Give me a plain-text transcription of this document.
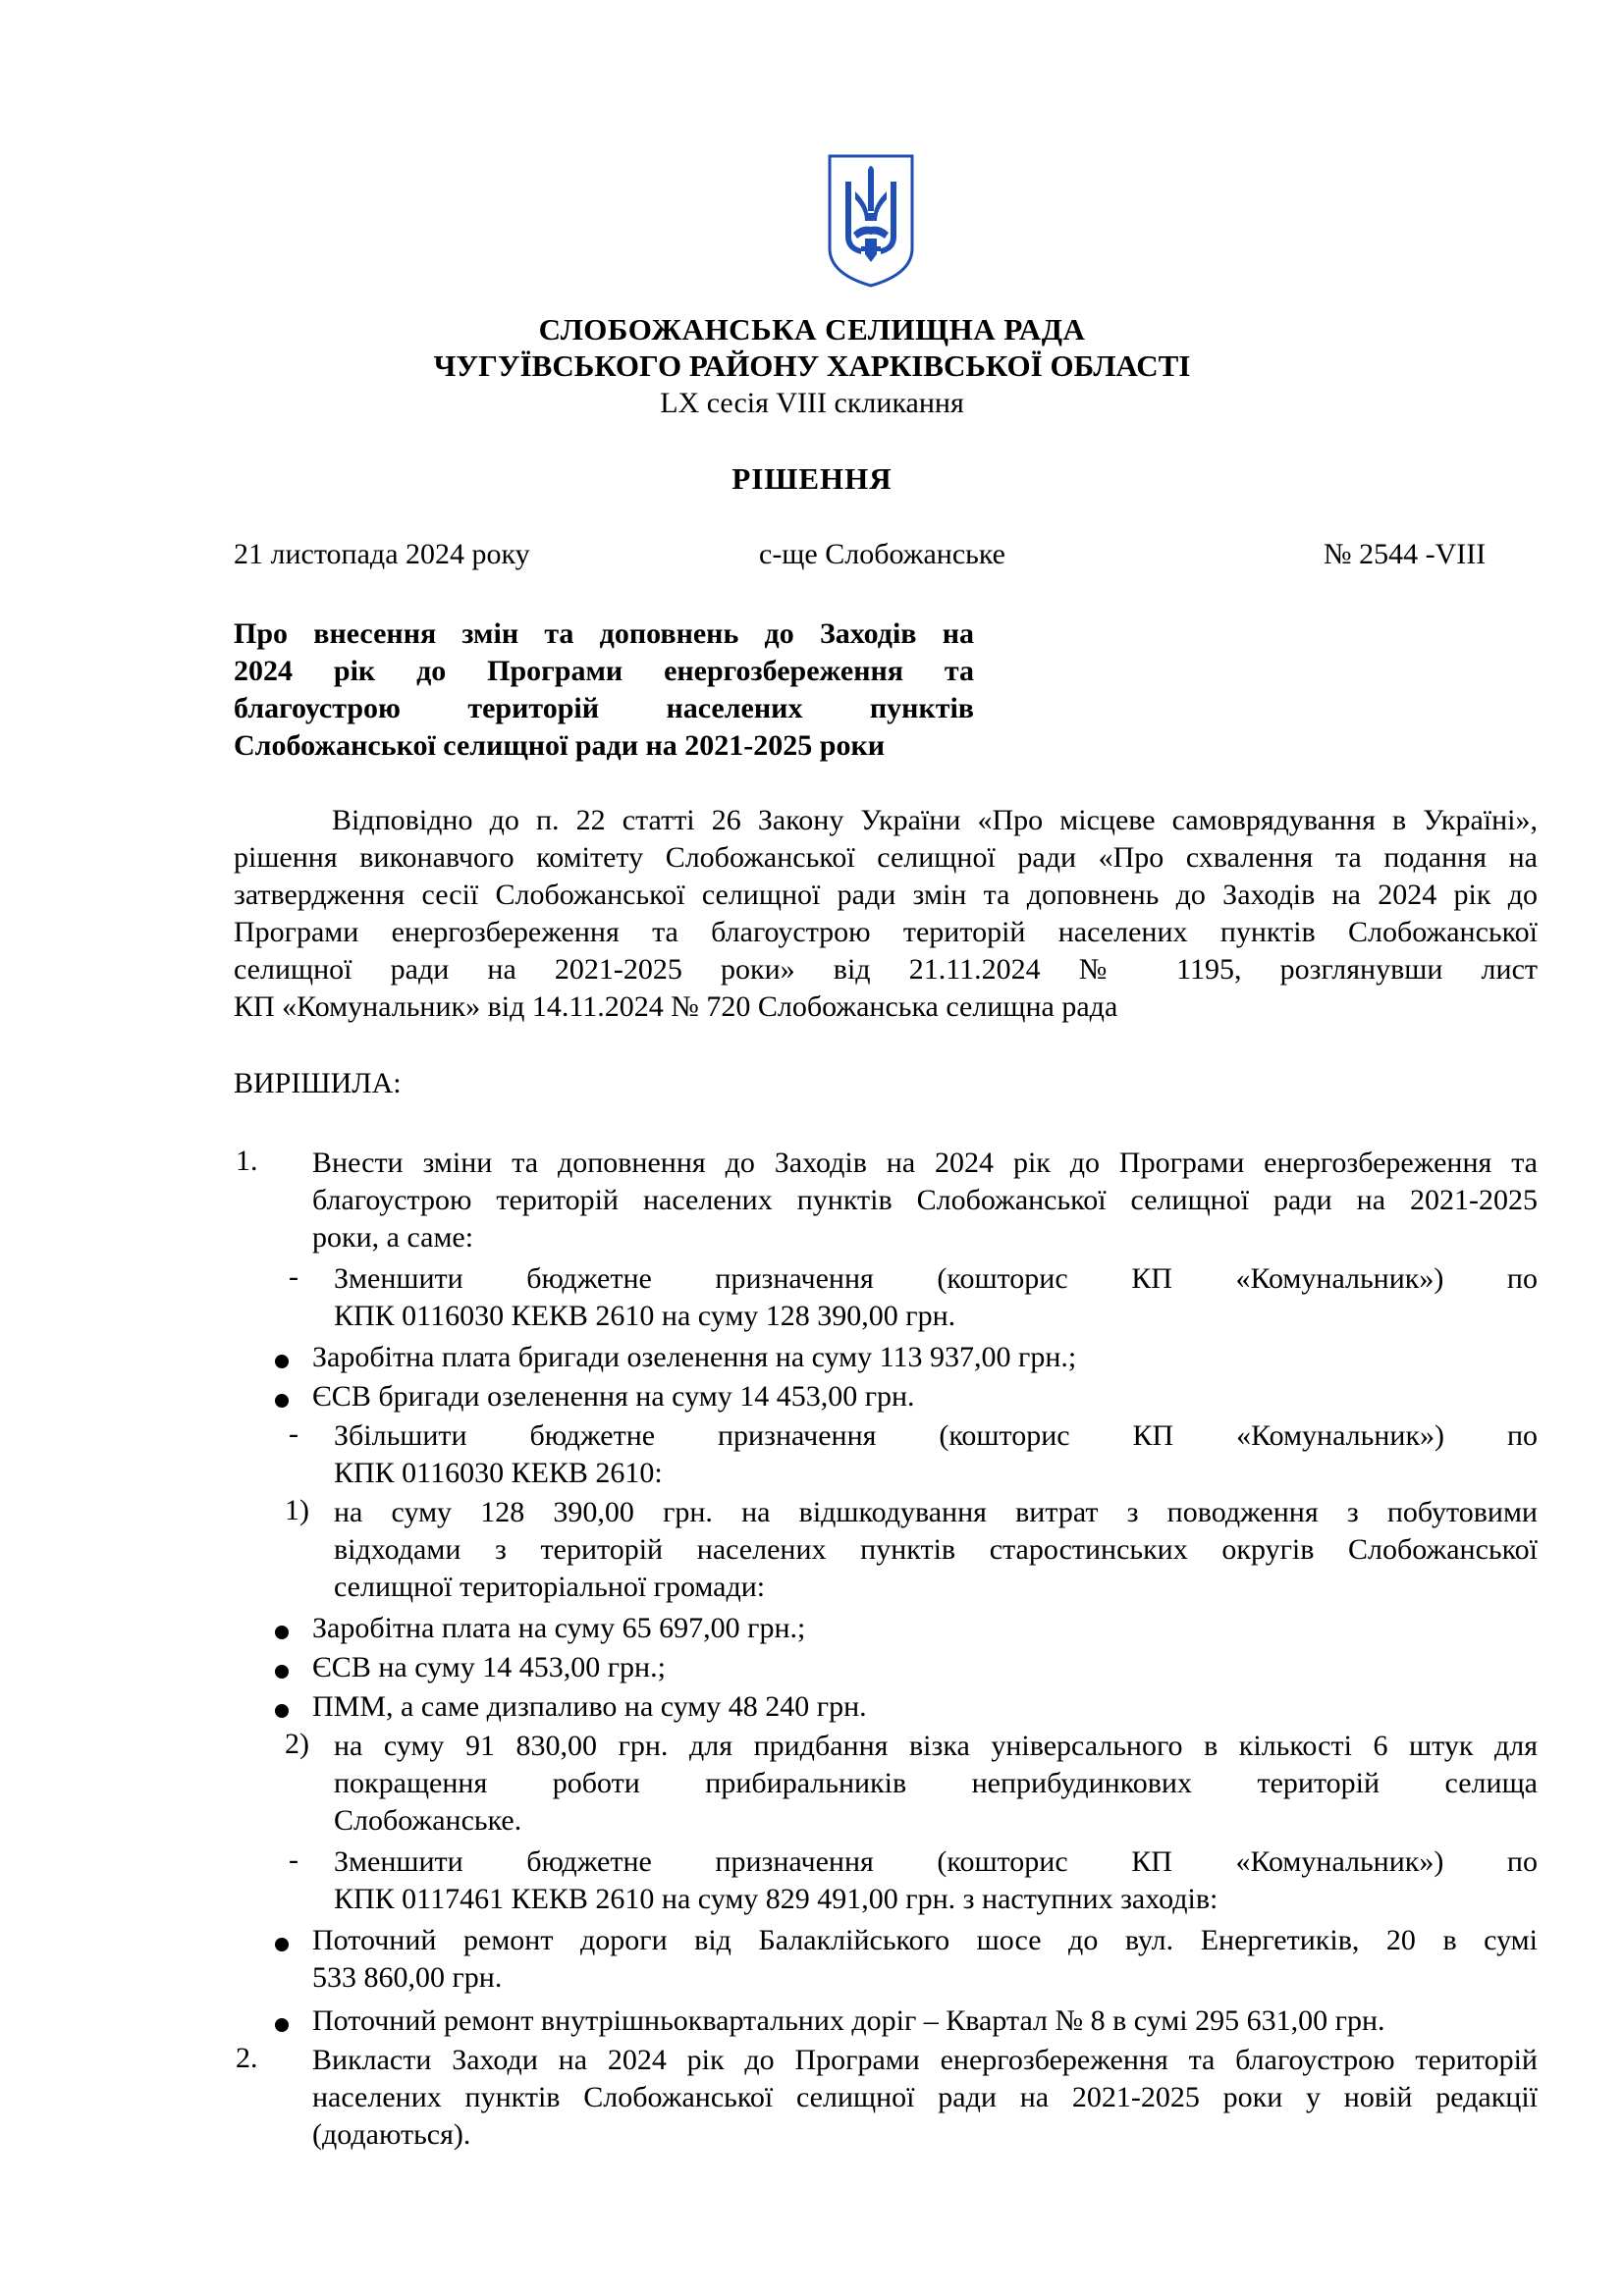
СЛОБОЖАНСЬКА СЕЛИЩНА РАДА
ЧУГУЇВСЬКОГО РАЙОНУ ХАРКІВСЬКОЇ ОБЛАСТІ
LX сесія VIII скликання
РІШЕННЯ
21 листопада 2024 року	с-ще Слобожанське	№ 2544 -VIII
Про внесення змін та доповнень до Заходів на
2024 рік до Програми енергозбереження та
благоустрою територій населених пунктів
Слобожанської селищної ради на 2021-2025 роки
Відповідно до п. 22 статті 26 Закону України «Про місцеве самоврядування в Україні»,
рішення виконавчого комітету Слобожанської селищної ради «Про схвалення та подання на
затвердження сесії Слобожанської селищної ради змін та доповнень до Заходів на 2024 рік до
Програми енергозбереження та благоустрою територій населених пунктів Слобожанської
селищної ради на 2021-2025 роки» від 21.11.2024 № 1195, розглянувши лист
КП «Комунальник» від 14.11.2024 № 720 Слобожанська селищна рада
ВИРІШИЛА:
1. Внести зміни та доповнення до Заходів на 2024 рік до Програми енергозбереження та
благоустрою територій населених пунктів Слобожанської селищної ради на 2021-2025
роки, а саме:
- Зменшити бюджетне призначення (кошторис КП «Комунальник») по
КПК 0116030 КЕКВ 2610 на суму 128 390,00 грн.
Заробітна плата бригади озеленення на суму 113 937,00 грн.;
ЄСВ бригади озеленення на суму 14 453,00 грн.
- Збільшити бюджетне призначення (кошторис КП «Комунальник») по
КПК 0116030 КЕКВ 2610:
1) на суму 128 390,00 грн. на відшкодування витрат з поводження з побутовими
відходами з територій населених пунктів старостинських округів Слобожанської
селищної територіальної громади:
Заробітна плата на суму 65 697,00 грн.;
ЄСВ на суму 14 453,00 грн.;
ПММ, а саме дизпаливо на суму 48 240 грн.
2) на суму 91 830,00 грн. для придбання візка універсального в кількості 6 штук для
покращення роботи прибиральників неприбудинкових територій селища
Слобожанське.
- Зменшити бюджетне призначення (кошторис КП «Комунальник») по
КПК 0117461 КЕКВ 2610 на суму 829 491,00 грн. з наступних заходів:
Поточний ремонт дороги від Балаклійського шосе до вул. Енергетиків, 20 в сумі
533 860,00 грн.
Поточний ремонт внутрішньоквартальних доріг – Квартал № 8 в сумі 295 631,00 грн.
2. Викласти Заходи на 2024 рік до Програми енергозбереження та благоустрою територій
населених пунктів Слобожанської селищної ради на 2021-2025 роки у новій редакції
(додаються).
